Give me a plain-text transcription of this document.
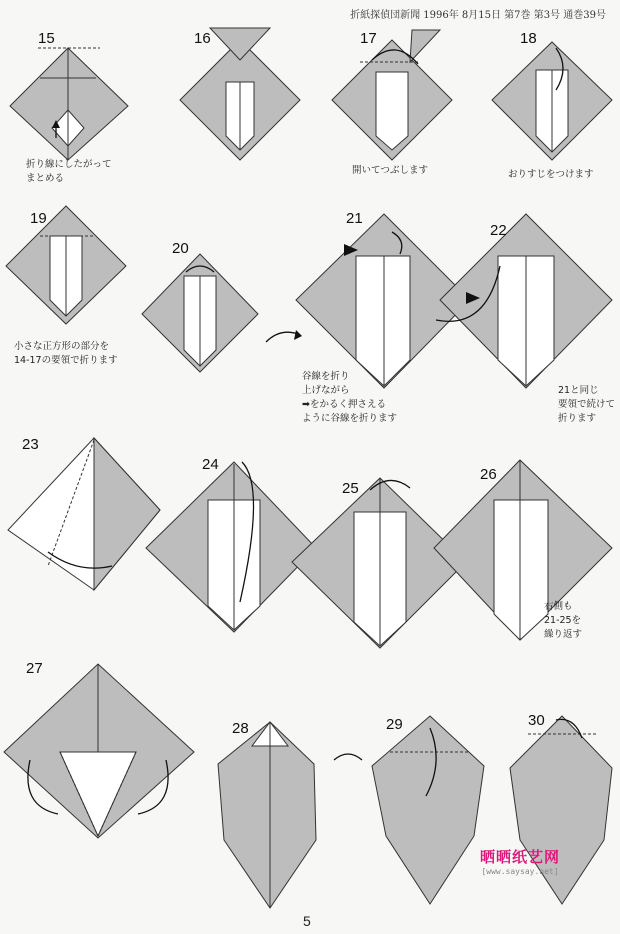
折紙探偵団新聞 1996年 8月15日 第7巻 第3号 通巻39号
15	16	17	18
19
20
21
22
23
24
25
26
27
28	29	30
折り線にしたがって
まとめる
開いてつぶします	おりすじをつけます
小さな正方形の部分を
14-17の要領で折ります
谷線を折り
上げながら
➡をかるく押さえる
ように谷線を折ります
21と同じ
要領で続けて
折ります
右側も
21-25を
繰り返す
晒晒纸艺网
[www.saysay.net]
5
